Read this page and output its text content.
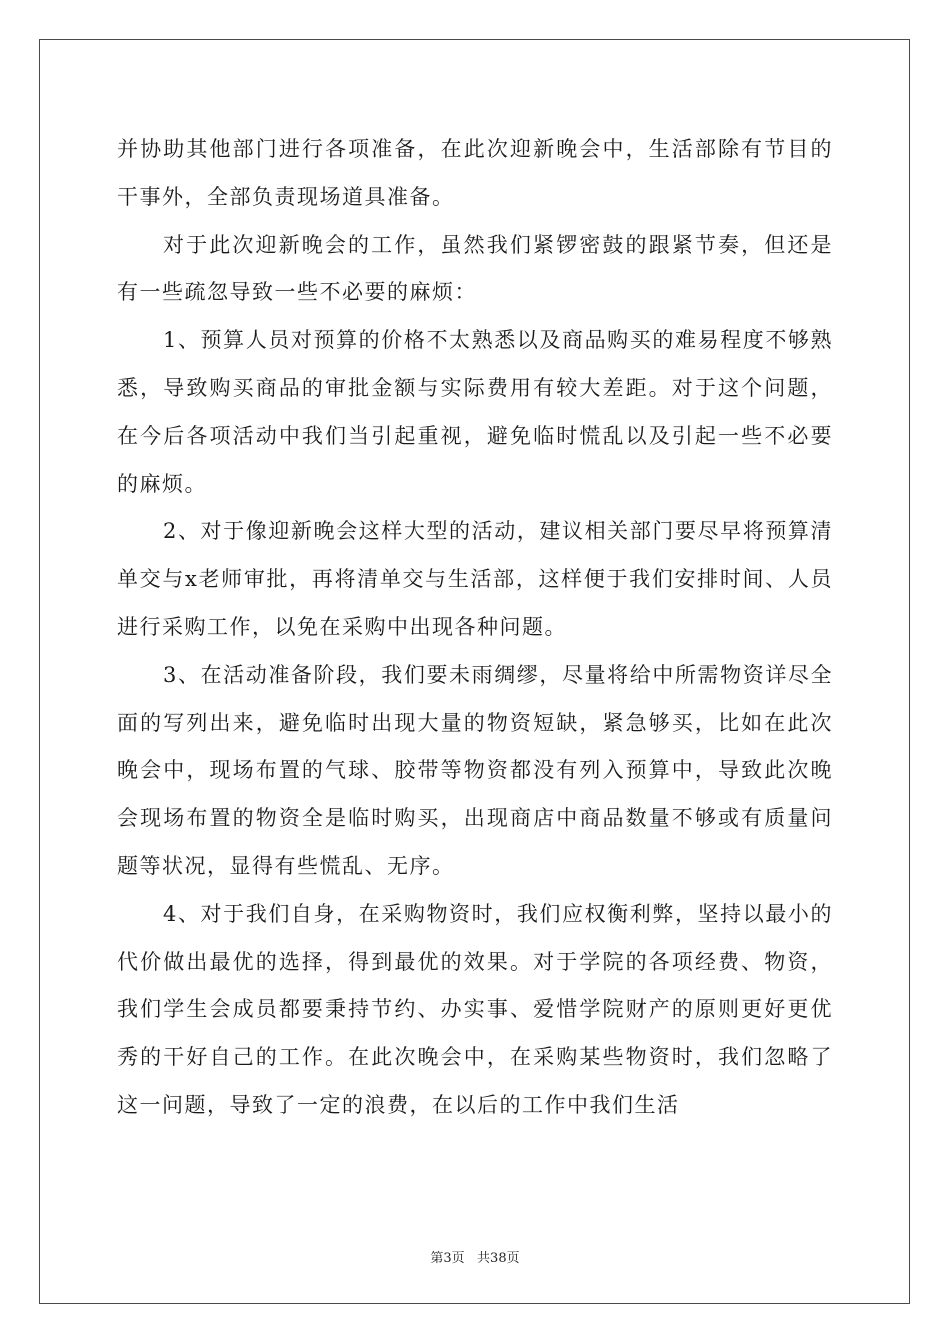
并协助其他部门进行各项准备，在此次迎新晚会中，生活部除有节目的干事外，全部负责现场道具准备。

对于此次迎新晚会的工作，虽然我们紧锣密鼓的跟紧节奏，但还是有一些疏忽导致一些不必要的麻烦：

1、预算人员对预算的价格不太熟悉以及商品购买的难易程度不够熟悉，导致购买商品的审批金额与实际费用有较大差距。对于这个问题，在今后各项活动中我们当引起重视，避免临时慌乱以及引起一些不必要的麻烦。

2、对于像迎新晚会这样大型的活动，建议相关部门要尽早将预算清单交与x老师审批，再将清单交与生活部，这样便于我们安排时间、人员进行采购工作，以免在采购中出现各种问题。

3、在活动准备阶段，我们要未雨绸缪，尽量将给中所需物资详尽全面的写列出来，避免临时出现大量的物资短缺，紧急够买，比如在此次晚会中，现场布置的气球、胶带等物资都没有列入预算中，导致此次晚会现场布置的物资全是临时购买，出现商店中商品数量不够或有质量问题等状况，显得有些慌乱、无序。

4、对于我们自身，在采购物资时，我们应权衡利弊，坚持以最小的代价做出最优的选择，得到最优的效果。对于学院的各项经费、物资，我们学生会成员都要秉持节约、办实事、爱惜学院财产的原则更好更优秀的干好自己的工作。在此次晚会中，在采购某些物资时，我们忽略了这一问题，导致了一定的浪费，在以后的工作中我们生活

第3页   共38页
